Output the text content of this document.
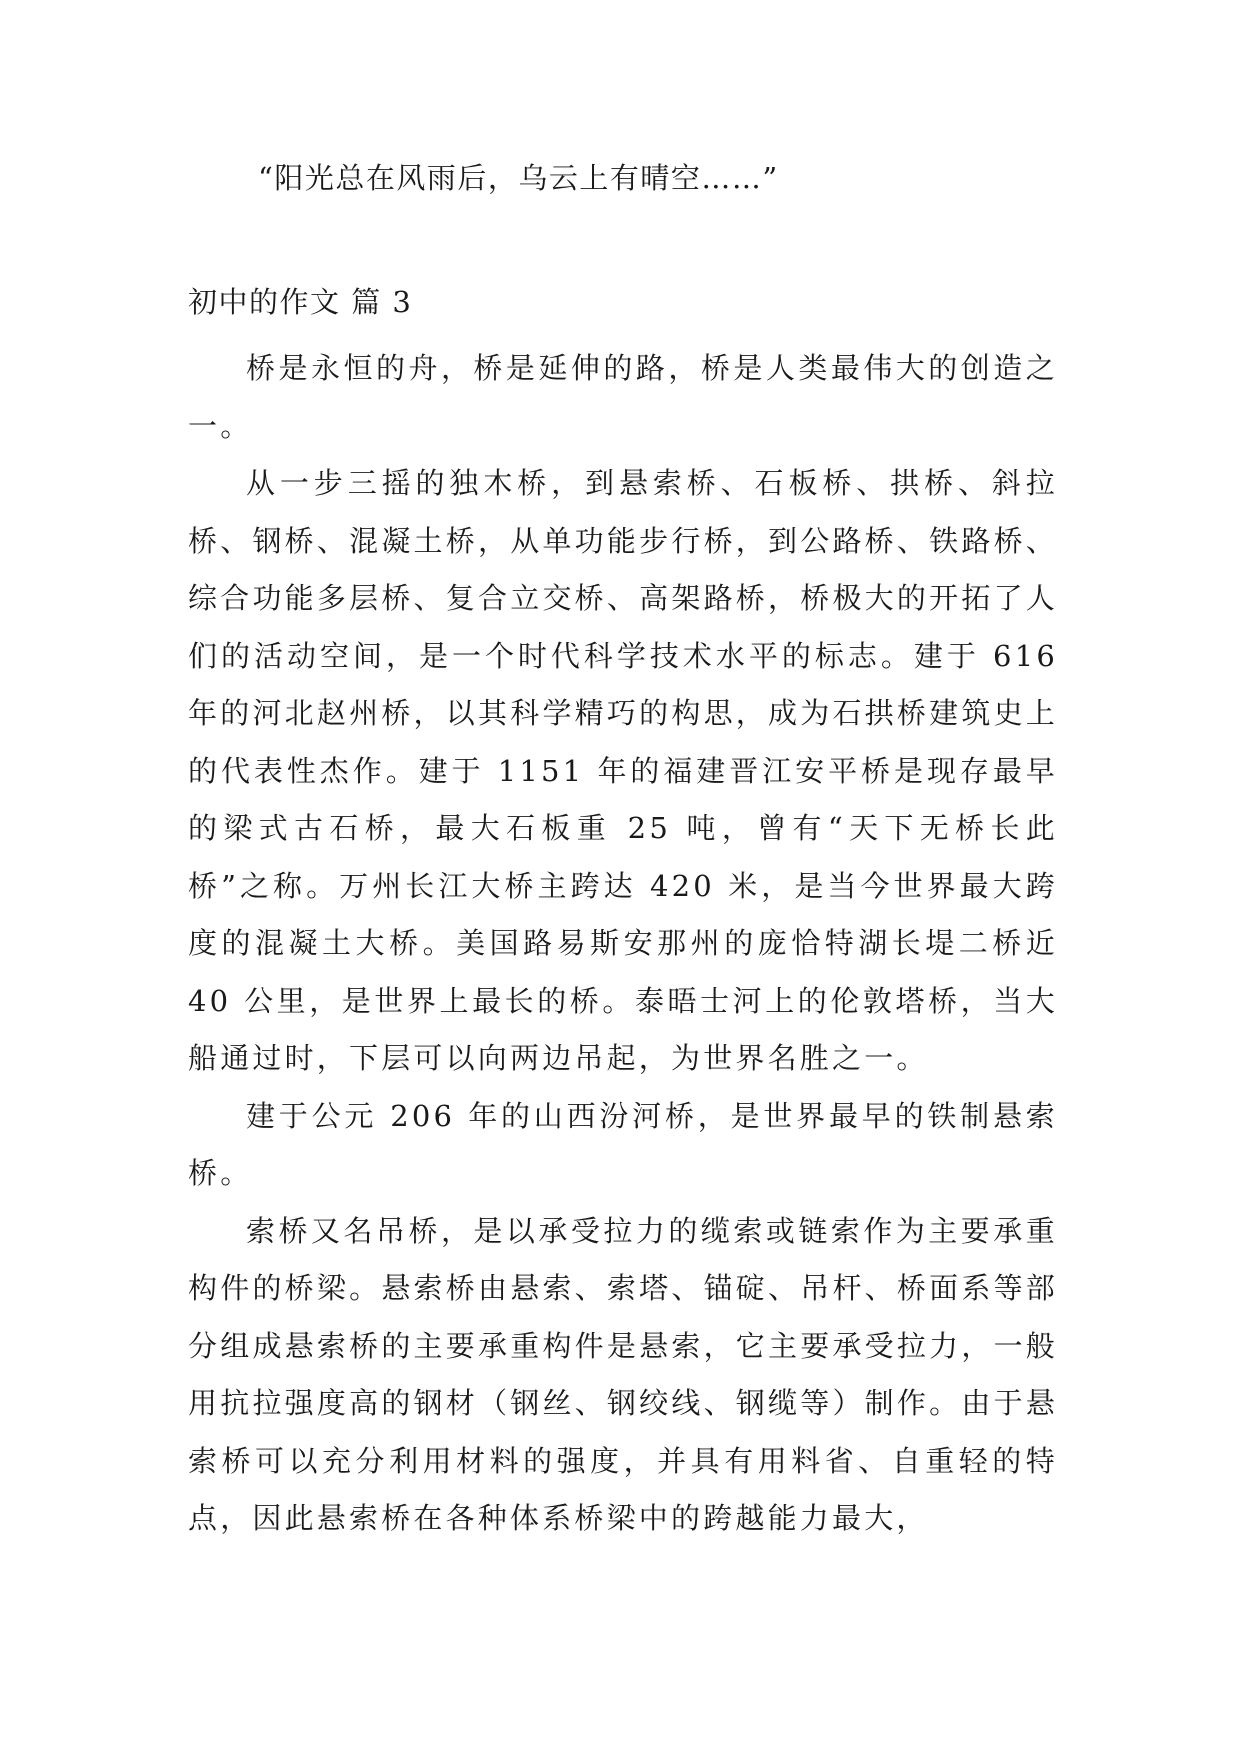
“阳光总在风雨后，乌云上有晴空……”
初中的作文 篇 3

桥是永恒的舟，桥是延伸的路，桥是人类最伟大的创造之一。

从一步三摇的独木桥，到悬索桥、石板桥、拱桥、斜拉桥、钢桥、混凝土桥，从单功能步行桥，到公路桥、铁路桥、综合功能多层桥、复合立交桥、高架路桥，桥极大的开拓了人们的活动空间，是一个时代科学技术水平的标志。建于 616 年的河北赵州桥，以其科学精巧的构思，成为石拱桥建筑史上的代表性杰作。建于 1151 年的福建晋江安平桥是现存最早的梁式古石桥，最大石板重 25 吨，曾有“天下无桥长此桥”之称。万州长江大桥主跨达 420 米，是当今世界最大跨度的混凝土大桥。美国路易斯安那州的庞恰特湖长堤二桥近 40 公里，是世界上最长的桥。泰晤士河上的伦敦塔桥，当大船通过时，下层可以向两边吊起，为世界名胜之一。

建于公元 206 年的山西汾河桥，是世界最早的铁制悬索桥。

索桥又名吊桥，是以承受拉力的缆索或链索作为主要承重构件的桥梁。悬索桥由悬索、索塔、锚碇、吊杆、桥面系等部分组成悬索桥的主要承重构件是悬索，它主要承受拉力，一般用抗拉强度高的钢材（钢丝、钢绞线、钢缆等）制作。由于悬索桥可以充分利用材料的强度，并具有用料省、自重轻的特点，因此悬索桥在各种体系桥梁中的跨越能力最大，
